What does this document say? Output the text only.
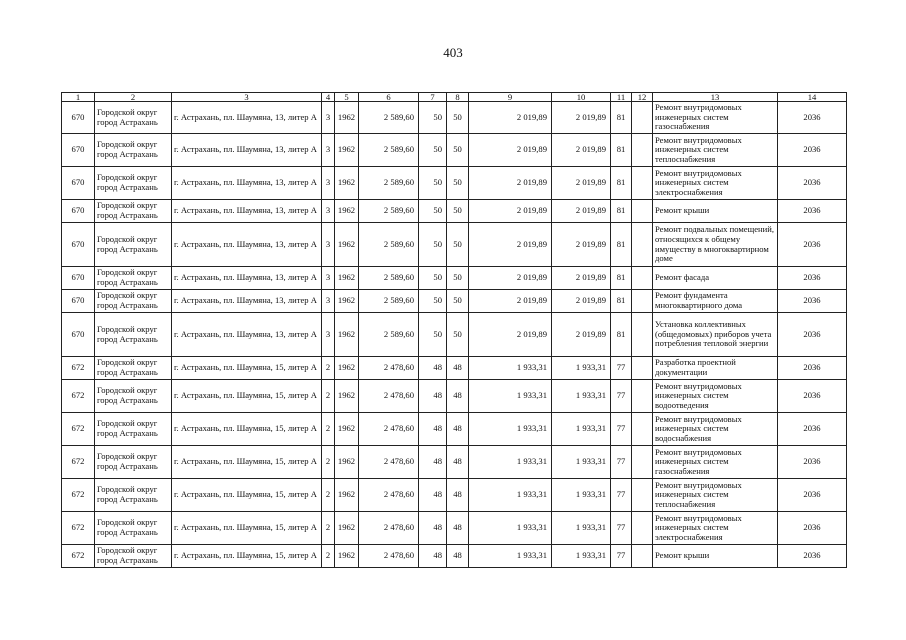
403
1	2	3	4	5	6	7	8	9	10	11	12	13	14
670	Городской округ город Астрахань	г. Астрахань, пл. Шаумяна, 13, литер А	3	1962	2 589,60	50	50	2 019,89	2 019,89	81		Ремонт внутридомовых инженерных систем газоснабжения	2036
670	Городской округ город Астрахань	г. Астрахань, пл. Шаумяна, 13, литер А	3	1962	2 589,60	50	50	2 019,89	2 019,89	81		Ремонт внутридомовых инженерных систем теплоснабжения	2036
670	Городской округ город Астрахань	г. Астрахань, пл. Шаумяна, 13, литер А	3	1962	2 589,60	50	50	2 019,89	2 019,89	81		Ремонт внутридомовых инженерных систем электроснабжения	2036
670	Городской округ город Астрахань	г. Астрахань, пл. Шаумяна, 13, литер А	3	1962	2 589,60	50	50	2 019,89	2 019,89	81		Ремонт крыши	2036
670	Городской округ город Астрахань	г. Астрахань, пл. Шаумяна, 13, литер А	3	1962	2 589,60	50	50	2 019,89	2 019,89	81		Ремонт подвальных помещений, относящихся к общему имуществу в многоквартирном доме	2036
670	Городской округ город Астрахань	г. Астрахань, пл. Шаумяна, 13, литер А	3	1962	2 589,60	50	50	2 019,89	2 019,89	81		Ремонт фасада	2036
670	Городской округ город Астрахань	г. Астрахань, пл. Шаумяна, 13, литер А	3	1962	2 589,60	50	50	2 019,89	2 019,89	81		Ремонт фундамента многоквартирного дома	2036
670	Городской округ город Астрахань	г. Астрахань, пл. Шаумяна, 13, литер А	3	1962	2 589,60	50	50	2 019,89	2 019,89	81		Установка коллективных (общедомовых) приборов учета потребления тепловой энергии	2036
672	Городской округ город Астрахань	г. Астрахань, пл. Шаумяна, 15, литер А	2	1962	2 478,60	48	48	1 933,31	1 933,31	77		Разработка проектной документации	2036
672	Городской округ город Астрахань	г. Астрахань, пл. Шаумяна, 15, литер А	2	1962	2 478,60	48	48	1 933,31	1 933,31	77		Ремонт внутридомовых инженерных систем водоотведения	2036
672	Городской округ город Астрахань	г. Астрахань, пл. Шаумяна, 15, литер А	2	1962	2 478,60	48	48	1 933,31	1 933,31	77		Ремонт внутридомовых инженерных систем водоснабжения	2036
672	Городской округ город Астрахань	г. Астрахань, пл. Шаумяна, 15, литер А	2	1962	2 478,60	48	48	1 933,31	1 933,31	77		Ремонт внутридомовых инженерных систем газоснабжения	2036
672	Городской округ город Астрахань	г. Астрахань, пл. Шаумяна, 15, литер А	2	1962	2 478,60	48	48	1 933,31	1 933,31	77		Ремонт внутридомовых инженерных систем теплоснабжения	2036
672	Городской округ город Астрахань	г. Астрахань, пл. Шаумяна, 15, литер А	2	1962	2 478,60	48	48	1 933,31	1 933,31	77		Ремонт внутридомовых инженерных систем электроснабжения	2036
672	Городской округ город Астрахань	г. Астрахань, пл. Шаумяна, 15, литер А	2	1962	2 478,60	48	48	1 933,31	1 933,31	77		Ремонт крыши	2036
